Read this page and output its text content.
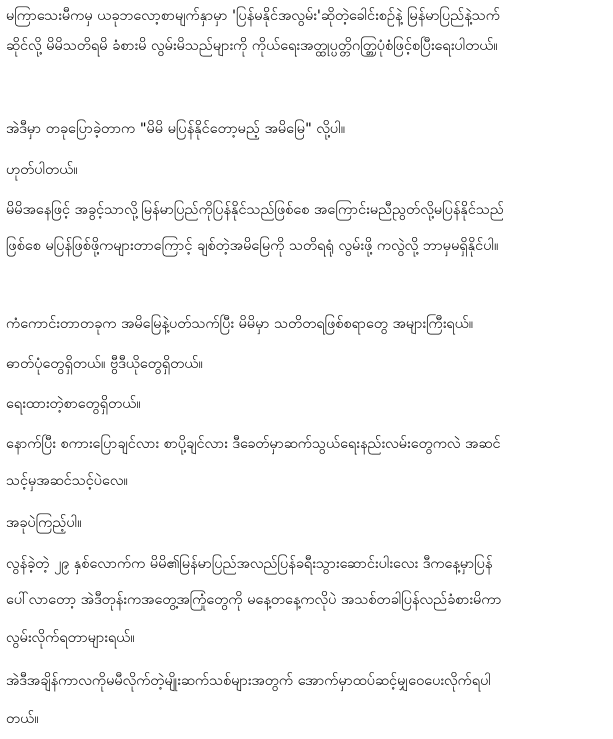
မကြာသေးမီကမှ ယခုဘလော့စာမျက်နှာမှာ 'ပြန်မနိုင်အလွမ်း'ဆိုတဲ့ခေါင်းစဉ်နဲ့ မြန်မာပြည်နဲ့သက်
ဆိုင်လို့ မိမိသတိရမိ ခံစားမိ လွမ်းမိသည်များကို ကိုယ်ရေးအတ္ထုပ္ပတ္တိဂတ္တြပုံစံဖြင့်စပြီးရေးပါတယ်။
အဲဒီမှာ တခုပြောခဲ့တာက "မိမိ မပြန်နိုင်တော့မည့် အမိမြေ" လို့ပါ။
ဟုတ်ပါတယ်။
မိမိအနေဖြင့် အခွင့်သာလို့မြန်မာပြည်ကိုပြန်နိုင်သည်ဖြစ်စေ အကြောင်းမညီညွတ်လို့မပြန်နိုင်သည်
ဖြစ်စေ မပြန်ဖြစ်ဖို့ကများတာကြောင့် ချစ်တဲ့အမိမြေကို သတိရရုံ လွမ်းဖို့ ကလွဲလို့ ဘာမှမရှိနိုင်ပါ။
ကံကောင်းတာတခုက အမိမြေနဲ့ပတ်သက်ပြီး မိမိမှာ သတိတရဖြစ်စရာတွေ အများကြီးရယ်။
ဓာတ်ပုံတွေရှိတယ်။ ဗွီဒီယိုတွေရှိတယ်။
ရေးထားတဲ့စာတွေရှိတယ်။
နောက်ပြီး စကားပြောချင်လား စာပို့ချင်လား ဒီခေတ်မှာဆက်သွယ်ရေးနည်းလမ်းတွေကလဲ အဆင်
သင့်မှအဆင်သင့်ပဲလေ။
အခုပဲကြည့်ပါ။
လွန်ခဲ့တဲ့ ၂၉ နှစ်လောက်က မိမိ၏မြန်မာပြည်အလည်ပြန်ခရီးသွားဆောင်းပါးလေး ဒီကနေ့မှာပြန်
ပေါ်လာတော့ အဲဒီတုန်းကအတွေ့အကြုံတွေကို မနေ့တနေ့ကလိုပဲ အသစ်တခါပြန်လည်ခံစားမိကာ
လွမ်းလိုက်ရတာများရယ်။
အဲဒီအချိန်ကာလကိုမမီလိုက်တဲ့မျိုးဆက်သစ်များအတွက် အောက်မှာထပ်ဆင့်မျှဝေပေးလိုက်ရပါ
တယ်။
